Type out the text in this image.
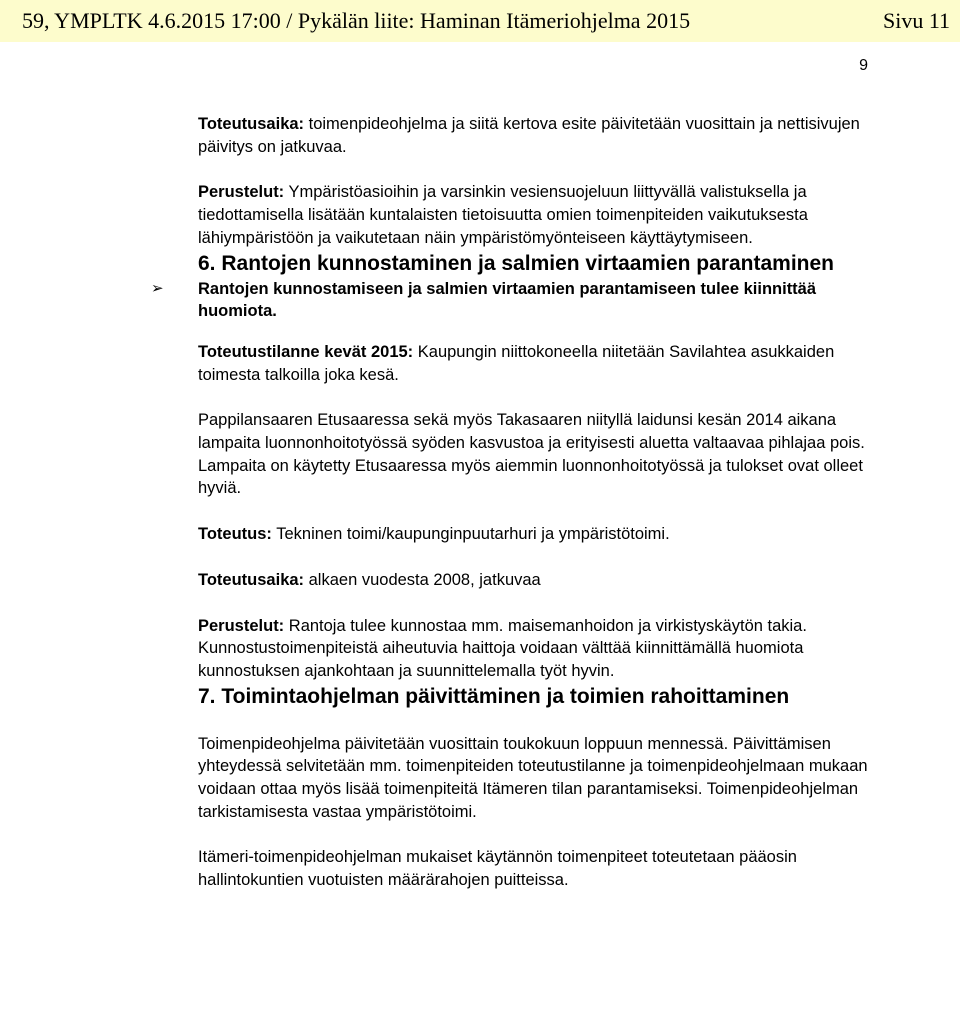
59, YMPLTK 4.6.2015 17:00 / Pykälän liite: Haminan Itämeriohjelma 2015	Sivu 11
9

Toteutusaika: toimenpideohjelma ja siitä kertova esite päivitetään vuosittain ja nettisivujen päivitys on jatkuvaa.

Perustelut: Ympäristöasioihin ja varsinkin vesiensuojeluun liittyvällä valistuksella ja tiedottamisella lisätään kuntalaisten tietoisuutta omien toimenpiteiden vaikutuksesta lähiympäristöön ja vaikutetaan näin ympäristömyönteiseen käyttäytymiseen.

6. Rantojen kunnostaminen ja salmien virtaamien parantaminen

➢ Rantojen kunnostamiseen ja salmien virtaamien parantamiseen tulee kiinnittää huomiota.

Toteutustilanne kevät 2015: Kaupungin niittokoneella niitetään Savilahtea asukkaiden toimesta talkoilla joka kesä.

Pappilansaaren Etusaaressa sekä myös Takasaaren niityllä laidunsi kesän 2014 aikana lampaita luonnonhoitotyössä syöden kasvustoa ja erityisesti aluetta valtaavaa pihlajaa pois. Lampaita on käytetty Etusaaressa myös aiemmin luonnonhoitotyössä ja tulokset ovat olleet hyviä.

Toteutus: Tekninen toimi/kaupunginpuutarhuri ja ympäristötoimi.

Toteutusaika: alkaen vuodesta 2008, jatkuvaa

Perustelut: Rantoja tulee kunnostaa mm. maisemanhoidon ja virkistyskäytön takia. Kunnostustoimenpiteistä aiheutuvia haittoja voidaan välttää kiinnittämällä huomiota kunnostuksen ajankohtaan ja suunnittelemalla työt hyvin.

7. Toimintaohjelman päivittäminen ja toimien rahoittaminen

Toimenpideohjelma päivitetään vuosittain toukokuun loppuun mennessä. Päivittämisen yhteydessä selvitetään mm. toimenpiteiden toteutustilanne ja toimenpideohjelmaan mukaan voidaan ottaa myös lisää toimenpiteitä Itämeren tilan parantamiseksi. Toimenpideohjelman tarkistamisesta vastaa ympäristötoimi.

Itämeri-toimenpideohjelman mukaiset käytännön toimenpiteet toteutetaan pääosin hallintokuntien vuotuisten määrärahojen puitteissa.
